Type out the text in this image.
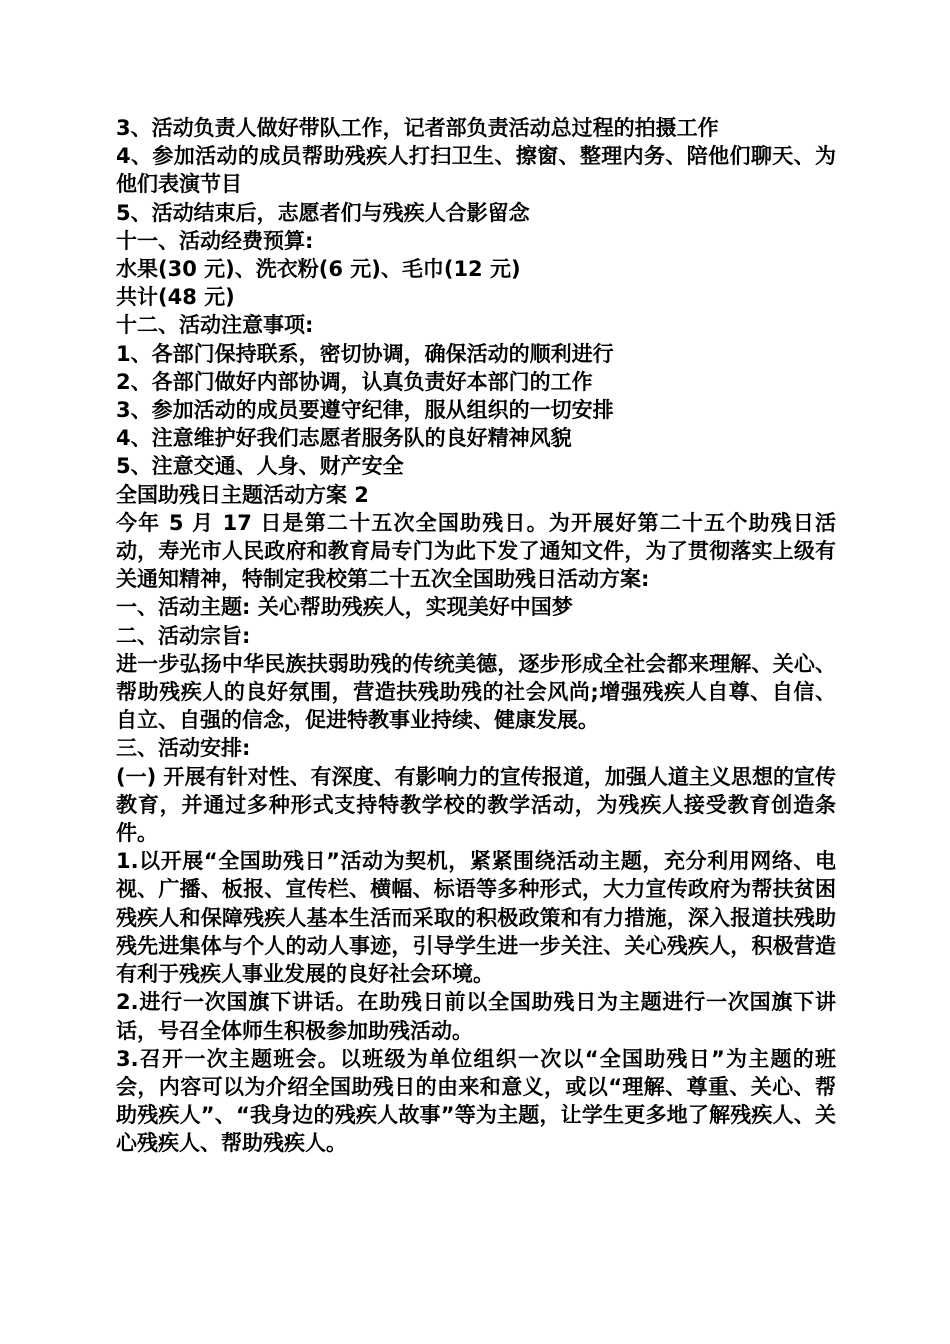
3、活动负责人做好带队工作，记者部负责活动总过程的拍摄工作

4、参加活动的成员帮助残疾人打扫卫生、擦窗、整理内务、陪他们聊天、为他们表演节目

5、活动结束后，志愿者们与残疾人合影留念

十一、活动经费预算:

水果(30 元)、洗衣粉(6 元)、毛巾(12 元)

共计(48 元)

十二、活动注意事项:

1、各部门保持联系，密切协调，确保活动的顺利进行

2、各部门做好内部协调，认真负责好本部门的工作

3、参加活动的成员要遵守纪律，服从组织的一切安排

4、注意维护好我们志愿者服务队的良好精神风貌

5、注意交通、人身、财产安全

全国助残日主题活动方案 2

今年 5 月 17 日是第二十五次全国助残日。为开展好第二十五个助残日活动，寿光市人民政府和教育局专门为此下发了通知文件，为了贯彻落实上级有关通知精神，特制定我校第二十五次全国助残日活动方案:

一、活动主题: 关心帮助残疾人，实现美好中国梦

二、活动宗旨:

进一步弘扬中华民族扶弱助残的传统美德，逐步形成全社会都来理解、关心、 帮助残疾人的良好氛围，营造扶残助残的社会风尚;增强残疾人自尊、自信、自立、自强的信念，促进特教事业持续、健康发展。

三、活动安排:

(一) 开展有针对性、有深度、有影响力的宣传报道，加强人道主义思想的宣传教育，并通过多种形式支持特教学校的教学活动，为残疾人接受教育创造条件。

1.以开展“全国助残日”活动为契机，紧紧围绕活动主题，充分利用网络、电视、广播、板报、宣传栏、横幅、标语等多种形式，大力宣传政府为帮扶贫困残疾人和保障残疾人基本生活而采取的积极政策和有力措施，深入报道扶残助残先进集体与个人的动人事迹，引导学生进一步关注、关心残疾人，积极营造有利于残疾人事业发展的良好社会环境。

2.进行一次国旗下讲话。在助残日前以全国助残日为主题进行一次国旗下讲话，号召全体师生积极参加助残活动。

3.召开一次主题班会。以班级为单位组织一次以“全国助残日”为主题的班会，内容可以为介绍全国助残日的由来和意义，或以“理解、尊重、关心、帮助残疾人”、“我身边的残疾人故事”等为主题，让学生更多地了解残疾人、关心残疾人、帮助残疾人。
